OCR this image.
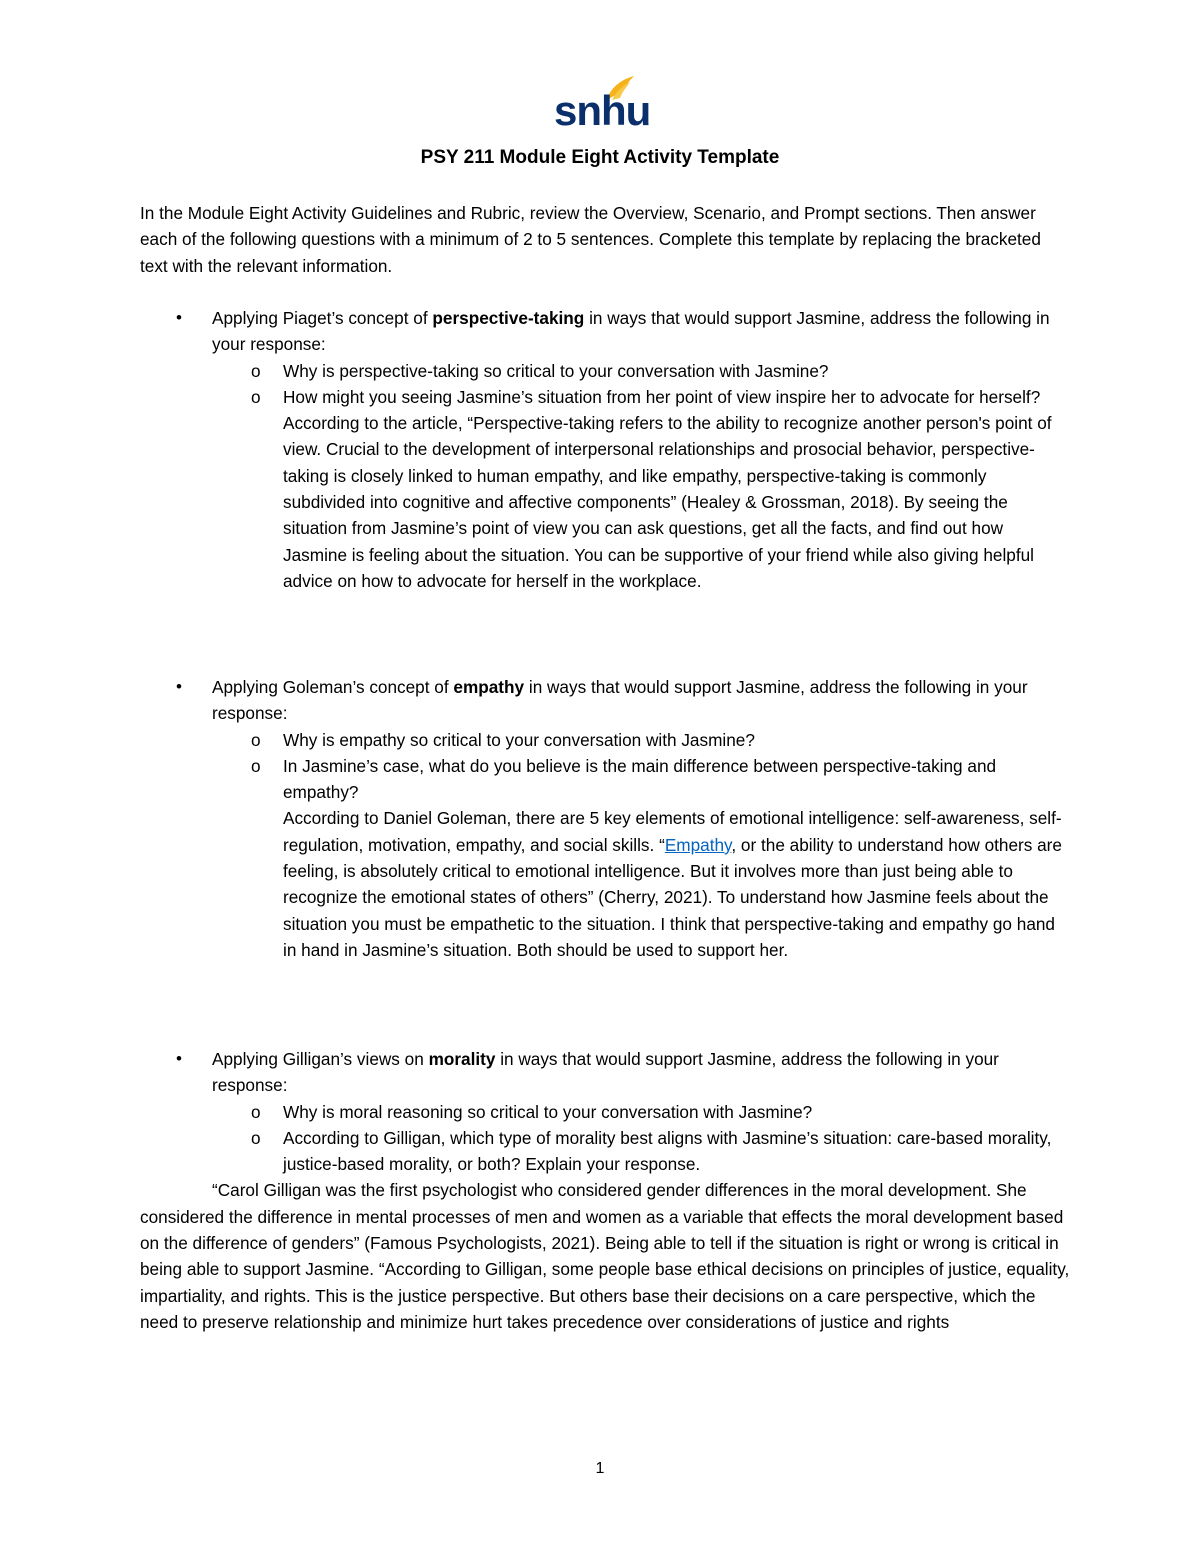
snhu
PSY 211 Module Eight Activity Template

In the Module Eight Activity Guidelines and Rubric, review the Overview, Scenario, and Prompt sections. Then answer each of the following questions with a minimum of 2 to 5 sentences. Complete this template by replacing the bracketed text with the relevant information.

• Applying Piaget’s concept of perspective-taking in ways that would support Jasmine, address the following in your response:
o Why is perspective-taking so critical to your conversation with Jasmine?
o How might you seeing Jasmine’s situation from her point of view inspire her to advocate for herself?

According to the article, “Perspective-taking refers to the ability to recognize another person's point of view. Crucial to the development of interpersonal relationships and prosocial behavior, perspective-taking is closely linked to human empathy, and like empathy, perspective-taking is commonly subdivided into cognitive and affective components” (Healey & Grossman, 2018). By seeing the situation from Jasmine’s point of view you can ask questions, get all the facts, and find out how Jasmine is feeling about the situation. You can be supportive of your friend while also giving helpful advice on how to advocate for herself in the workplace.

• Applying Goleman’s concept of empathy in ways that would support Jasmine, address the following in your response:
o Why is empathy so critical to your conversation with Jasmine?
o In Jasmine’s case, what do you believe is the main difference between perspective-taking and empathy?

According to Daniel Goleman, there are 5 key elements of emotional intelligence: self-awareness, self-regulation, motivation, empathy, and social skills. “Empathy, or the ability to understand how others are feeling, is absolutely critical to emotional intelligence. But it involves more than just being able to recognize the emotional states of others” (Cherry, 2021). To understand how Jasmine feels about the situation you must be empathetic to the situation. I think that perspective-taking and empathy go hand in hand in Jasmine’s situation. Both should be used to support her.

• Applying Gilligan’s views on morality in ways that would support Jasmine, address the following in your response:
o Why is moral reasoning so critical to your conversation with Jasmine?
o According to Gilligan, which type of morality best aligns with Jasmine’s situation: care-based morality, justice-based morality, or both? Explain your response.

“Carol Gilligan was the first psychologist who considered gender differences in the moral development. She considered the difference in mental processes of men and women as a variable that effects the moral development based on the difference of genders” (Famous Psychologists, 2021). Being able to tell if the situation is right or wrong is critical in being able to support Jasmine. “According to Gilligan, some people base ethical decisions on principles of justice, equality, impartiality, and rights. This is the justice perspective. But others base their decisions on a care perspective, which the need to preserve relationship and minimize hurt takes precedence over considerations of justice and rights

1
